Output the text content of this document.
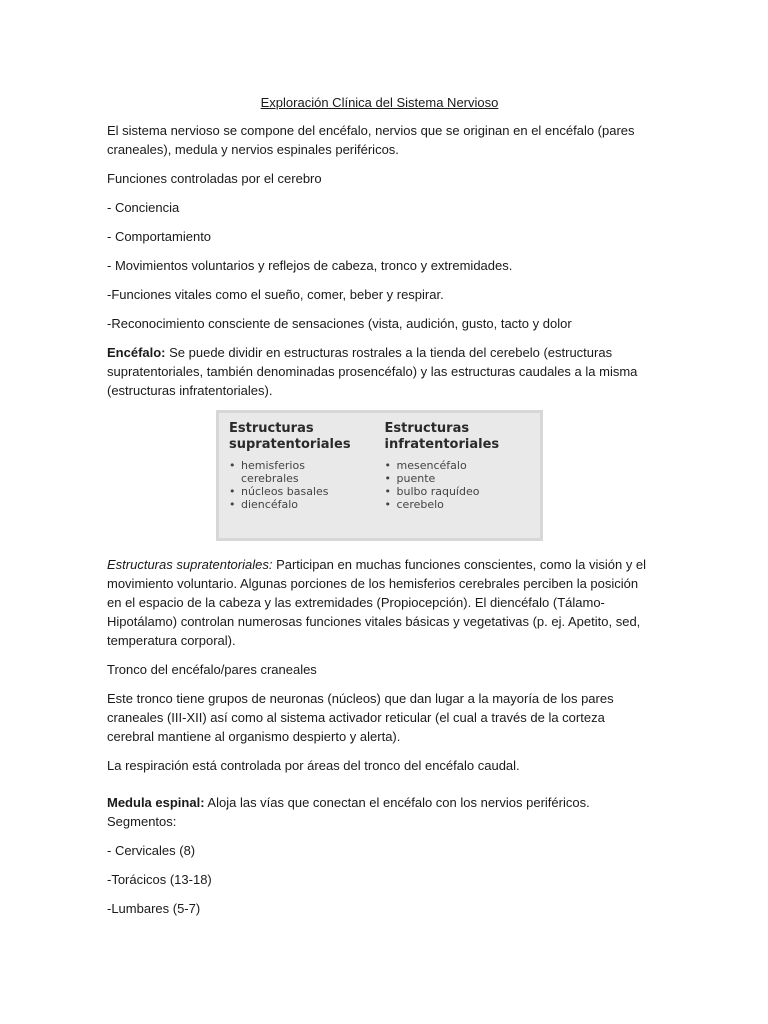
Exploración Clínica del Sistema Nervioso

El sistema nervioso se compone del encéfalo, nervios que se originan en el encéfalo (pares craneales), medula y nervios espinales periféricos.

Funciones controladas por el cerebro

- Conciencia

- Comportamiento

- Movimientos voluntarios y reflejos de cabeza, tronco y extremidades.

-Funciones vitales como el sueño, comer, beber y respirar.

-Reconocimiento consciente de sensaciones (vista, audición, gusto, tacto y dolor

Encéfalo: Se puede dividir en estructuras rostrales a la tienda del cerebelo (estructuras supratentoriales, también denominadas prosencéfalo) y las estructuras caudales a la misma (estructuras infratentoriales).

Estructuras
supratentoriales
• hemisferios
cerebrales
• núcleos basales
• diencéfalo
Estructuras
infratentoriales
• mesencéfalo
• puente
• bulbo raquídeo
• cerebelo

Estructuras supratentoriales: Participan en muchas funciones conscientes, como la visión y el movimiento voluntario. Algunas porciones de los hemisferios cerebrales perciben la posición en el espacio de la cabeza y las extremidades (Propiocepción). El diencéfalo (Tálamo-Hipotálamo) controlan numerosas funciones vitales básicas y vegetativas (p. ej. Apetito, sed, temperatura corporal).

Tronco del encéfalo/pares craneales

Este tronco tiene grupos de neuronas (núcleos) que dan lugar a la mayoría de los pares craneales (III-XII) así como al sistema activador reticular (el cual a través de la corteza cerebral mantiene al organismo despierto y alerta).

La respiración está controlada por áreas del tronco del encéfalo caudal.

Medula espinal: Aloja las vías que conectan el encéfalo con los nervios periféricos. Segmentos:

- Cervicales (8)

-Torácicos (13-18)

-Lumbares (5-7)
